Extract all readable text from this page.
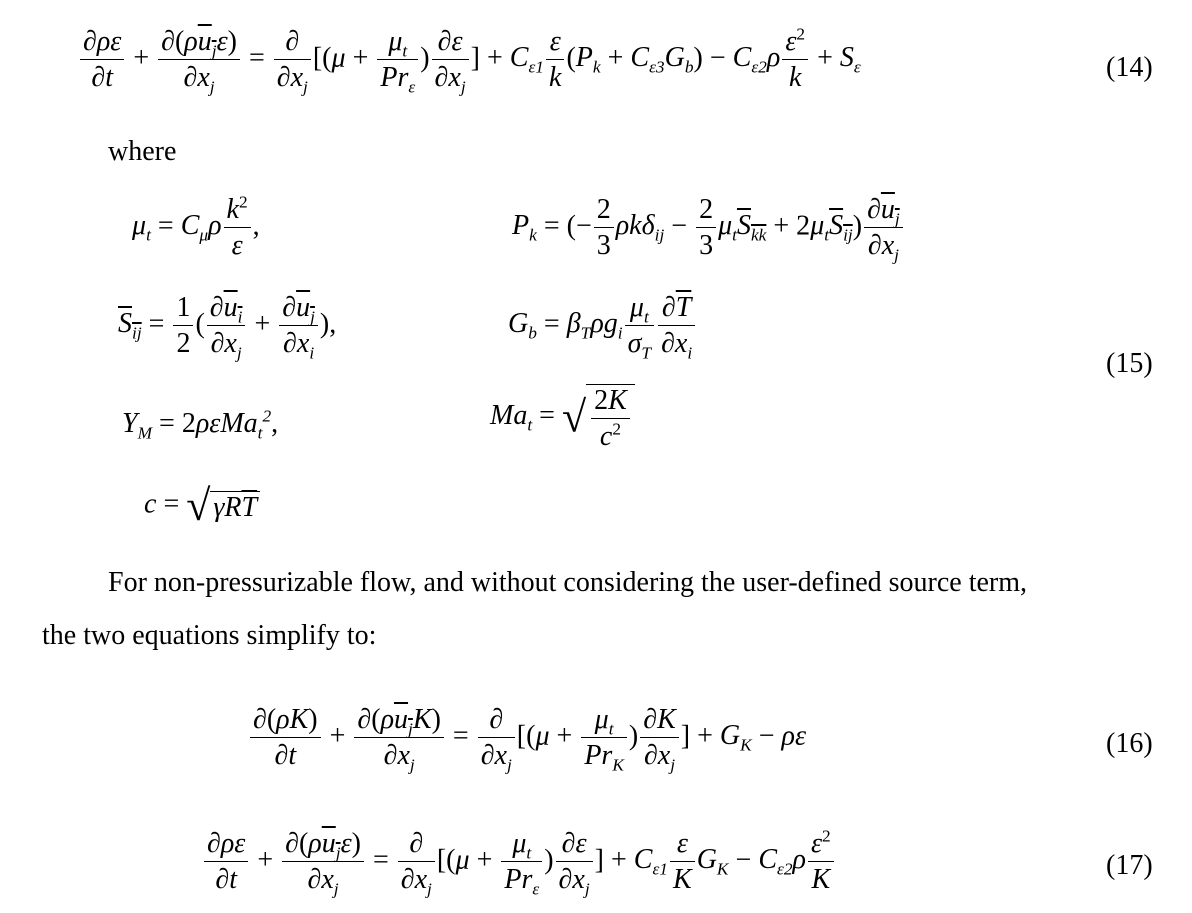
$\frac{\partial\rho\varepsilon}{\partial t} + \frac{\partial(\rho u_j\varepsilon)}{\partial x_j} = \frac{\partial}{\partial x_j} [(\mu + \frac{\mu_t}{Pr_\varepsilon}$ ) $\frac{\partial\varepsilon}{\partial x_j}$ ] + $C_{\varepsilon 1} \frac{\varepsilon}{k} (P_k + C_{\varepsilon 3}G_b) - C_{\varepsilon 2}\rho \frac{\varepsilon^2}{k} + S_\varepsilon$	(14)
where
$\mu_t = C_\mu\rho \frac{k^2}{\varepsilon}$ ,	$P_k$ = (− $\frac{2}{3} \rho k\delta_{ij} - \frac{2}{3} \mu_tS_{kk} + 2\mu_tS_{ij}) \frac{\partial u_j}{\partial x_j}$
$S_{ij} = \frac{1}{2}$ ( $\frac{\partial u_i}{\partial x_j} + \frac{\partial u_j}{\partial x_i}$ ),	$G_b = \beta_T\rho g_i \frac{\mu_t}{\sigma_T} \frac{\partial\overline{T}}{\partial x_i}$
(15)
$Y_M = 2\rho\varepsilon Ma_t^2$,	$Ma_t$ = √ $\frac{2K}{c^2}$
c = √ $\gamma R\overline{T}$
For non-pressurizable flow, and without considering the user-defined source term,
the two equations simplify to:
$\frac{\partial(\rho K)}{\partial t} + \frac{\partial(\rho u_jK)}{\partial x_j} = \frac{\partial}{\partial x_j} [(\mu + \frac{\mu_t}{Pr_K}$ ) $\frac{\partial K}{\partial x_j}$ ] + $G_K - \rho\varepsilon$	(16)
$\frac{\partial\rho\varepsilon}{\partial t} + \frac{\partial(\rho u_j\varepsilon)}{\partial x_j} = \frac{\partial}{\partial x_j} [(\mu + \frac{\mu_t}{Pr_\varepsilon}$ ) $\frac{\partial\varepsilon}{\partial x_j}$ ] + $C_{\varepsilon 1} \frac{\varepsilon}{K} G_K - C_{\varepsilon 2}\rho \frac{\varepsilon^2}{K}$	(17)
